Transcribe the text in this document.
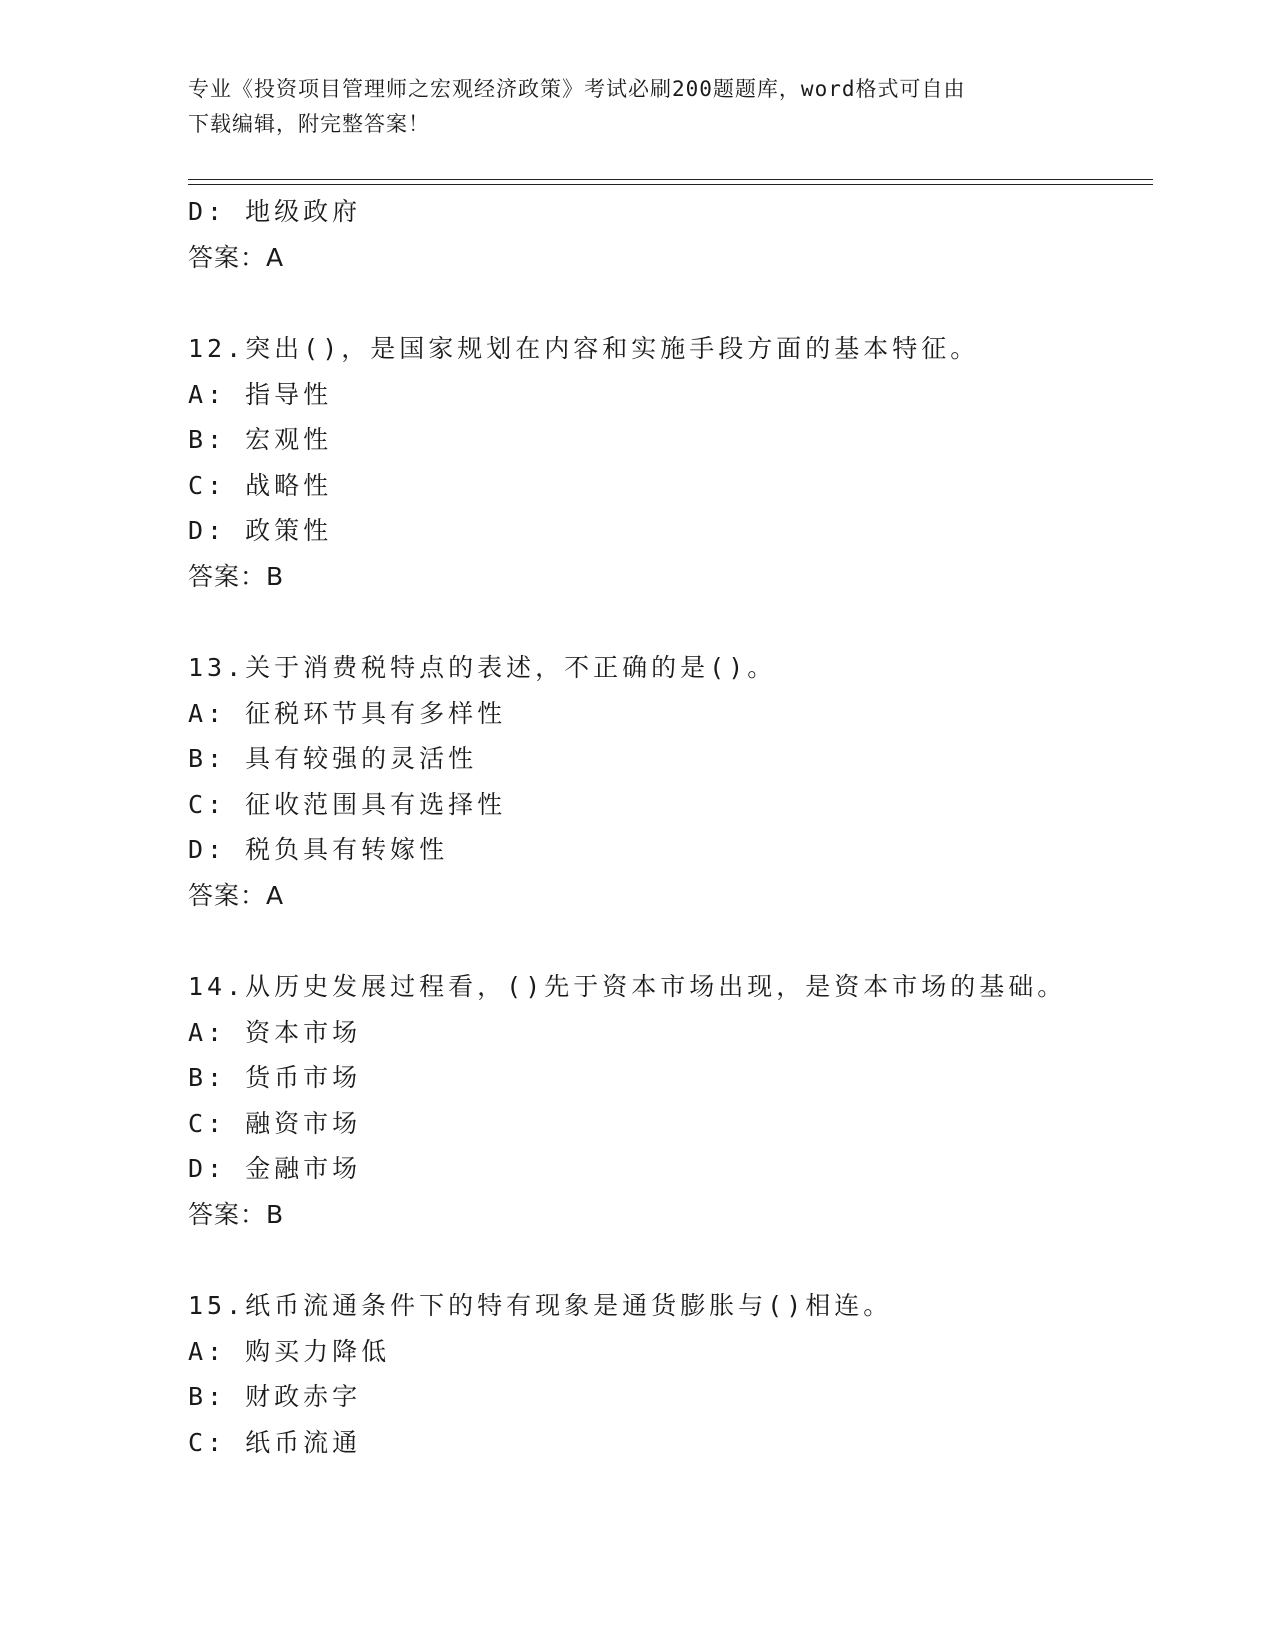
专业《投资项目管理师之宏观经济政策》考试必刷200题题库，word格式可自由
下载编辑，附完整答案！
D: 地级政府
答案：A
12.突出()，是国家规划在内容和实施手段方面的基本特征。
A: 指导性
B: 宏观性
C: 战略性
D: 政策性
答案：B
13.关于消费税特点的表述，不正确的是()。
A: 征税环节具有多样性
B: 具有较强的灵活性
C: 征收范围具有选择性
D: 税负具有转嫁性
答案：A
14.从历史发展过程看，()先于资本市场出现，是资本市场的基础。
A: 资本市场
B: 货币市场
C: 融资市场
D: 金融市场
答案：B
15.纸币流通条件下的特有现象是通货膨胀与()相连。
A: 购买力降低
B: 财政赤字
C: 纸币流通
